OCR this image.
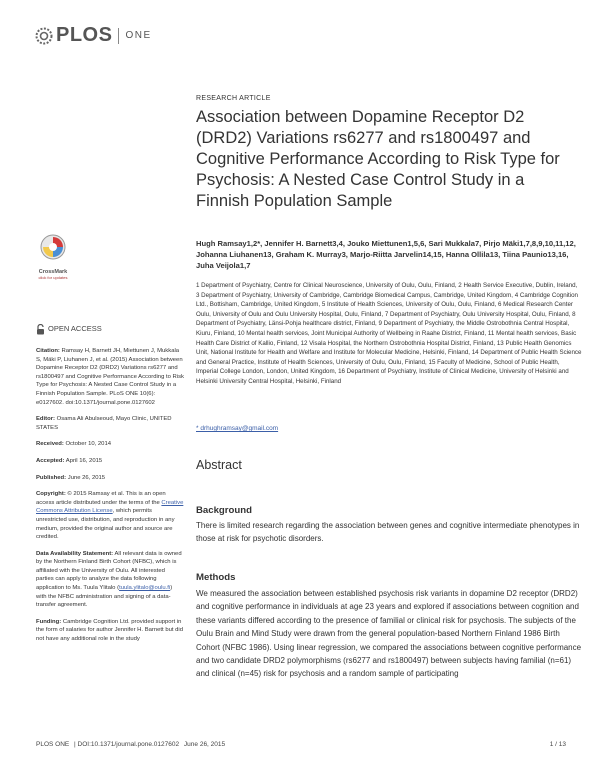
PLOS ONE
RESEARCH ARTICLE
Association between Dopamine Receptor D2 (DRD2) Variations rs6277 and rs1800497 and Cognitive Performance According to Risk Type for Psychosis: A Nested Case Control Study in a Finnish Population Sample
Hugh Ramsay1,2*, Jennifer H. Barnett3,4, Jouko Miettunen1,5,6, Sari Mukkala7, Pirjo Mäki1,7,8,9,10,11,12, Johanna Liuhanen13, Graham K. Murray3, Marjo-Riitta Jarvelin14,15, Hanna Ollila13, Tiina Paunio13,16, Juha Veijola1,7
1 Department of Psychiatry, Centre for Clinical Neuroscience, University of Oulu, Oulu, Finland, 2 Health Service Executive, Dublin, Ireland, 3 Department of Psychiatry, University of Cambridge, Cambridge Biomedical Campus, Cambridge, United Kingdom, 4 Cambridge Cognition Ltd., Bottisham, Cambridge, United Kingdom, 5 Institute of Health Sciences, University of Oulu, Oulu, Finland, 6 Medical Research Center Oulu, University of Oulu and Oulu University Hospital, Oulu, Finland, 7 Department of Psychiatry, Oulu University Hospital, Oulu, Finland, 8 Department of Psychiatry, Länsi-Pohja healthcare district, Finland, 9 Department of Psychiatry, the Middle Ostrobothnia Central Hospital, Kiuru, Finland, 10 Mental health services, Joint Municipal Authority of Wellbeing in Raahe District, Finland, 11 Mental health services, Basic Health Care District of Kallio, Finland, 12 Visala Hospital, the Northern Ostrobothnia Hospital District, Finland, 13 Public Health Genomics Unit, National Institute for Health and Welfare and Institute for Molecular Medicine, Helsinki, Finland, 14 Department of Public Health Science and General Practice, Institute of Health Sciences, University of Oulu, Oulu, Finland, 15 Faculty of Medicine, School of Public Health, Imperial College London, London, United Kingdom, 16 Department of Psychiatry, Institute of Clinical Medicine, University of Helsinki and Helsinki University Central Hospital, Helsinki, Finland
* drhughramsay@gmail.com
CrossMark
click for updates
OPEN ACCESS
Citation: Ramsay H, Barnett JH, Miettunen J, Mukkala S, Mäki P, Liuhanen J, et al. (2015) Association between Dopamine Receptor D2 (DRD2) Variations rs6277 and rs1800497 and Cognitive Performance According to Risk Type for Psychosis: A Nested Case Control Study in a Finnish Population Sample. PLoS ONE 10(6): e0127602. doi:10.1371/journal.pone.0127602
Editor: Osama Ali Abulseoud, Mayo Clinic, UNITED STATES
Received: October 10, 2014
Accepted: April 16, 2015
Published: June 26, 2015
Copyright: © 2015 Ramsay et al. This is an open access article distributed under the terms of the Creative Commons Attribution License, which permits unrestricted use, distribution, and reproduction in any medium, provided the original author and source are credited.
Data Availability Statement: All relevant data is owned by the Northern Finland Birth Cohort (NFBC), which is affiliated with the University of Oulu. All interested parties can apply to analyze the data following application to Ms. Tuula Ylitalo (tuula.ylitalo@oulu.fi) with the NFBC administration and signing of a data-transfer agreement.
Funding: Cambridge Cognition Ltd. provided support in the form of salaries for author Jennifer H. Barnett but did not have any additional role in the study
Abstract
Background
There is limited research regarding the association between genes and cognitive intermediate phenotypes in those at risk for psychotic disorders.
Methods
We measured the association between established psychosis risk variants in dopamine D2 receptor (DRD2) and cognitive performance in individuals at age 23 years and explored if associations between cognition and these variants differed according to the presence of familial or clinical risk for psychosis. The subjects of the Oulu Brain and Mind Study were drawn from the general population-based Northern Finland 1986 Birth Cohort (NFBC 1986). Using linear regression, we compared the associations between cognitive performance and two candidate DRD2 polymorphisms (rs6277 and rs1800497) between subjects having familial (n=61) and clinical (n=45) risk for psychosis and a random sample of participating
PLOS ONE | DOI:10.1371/journal.pone.0127602 June 26, 2015	1 / 13
